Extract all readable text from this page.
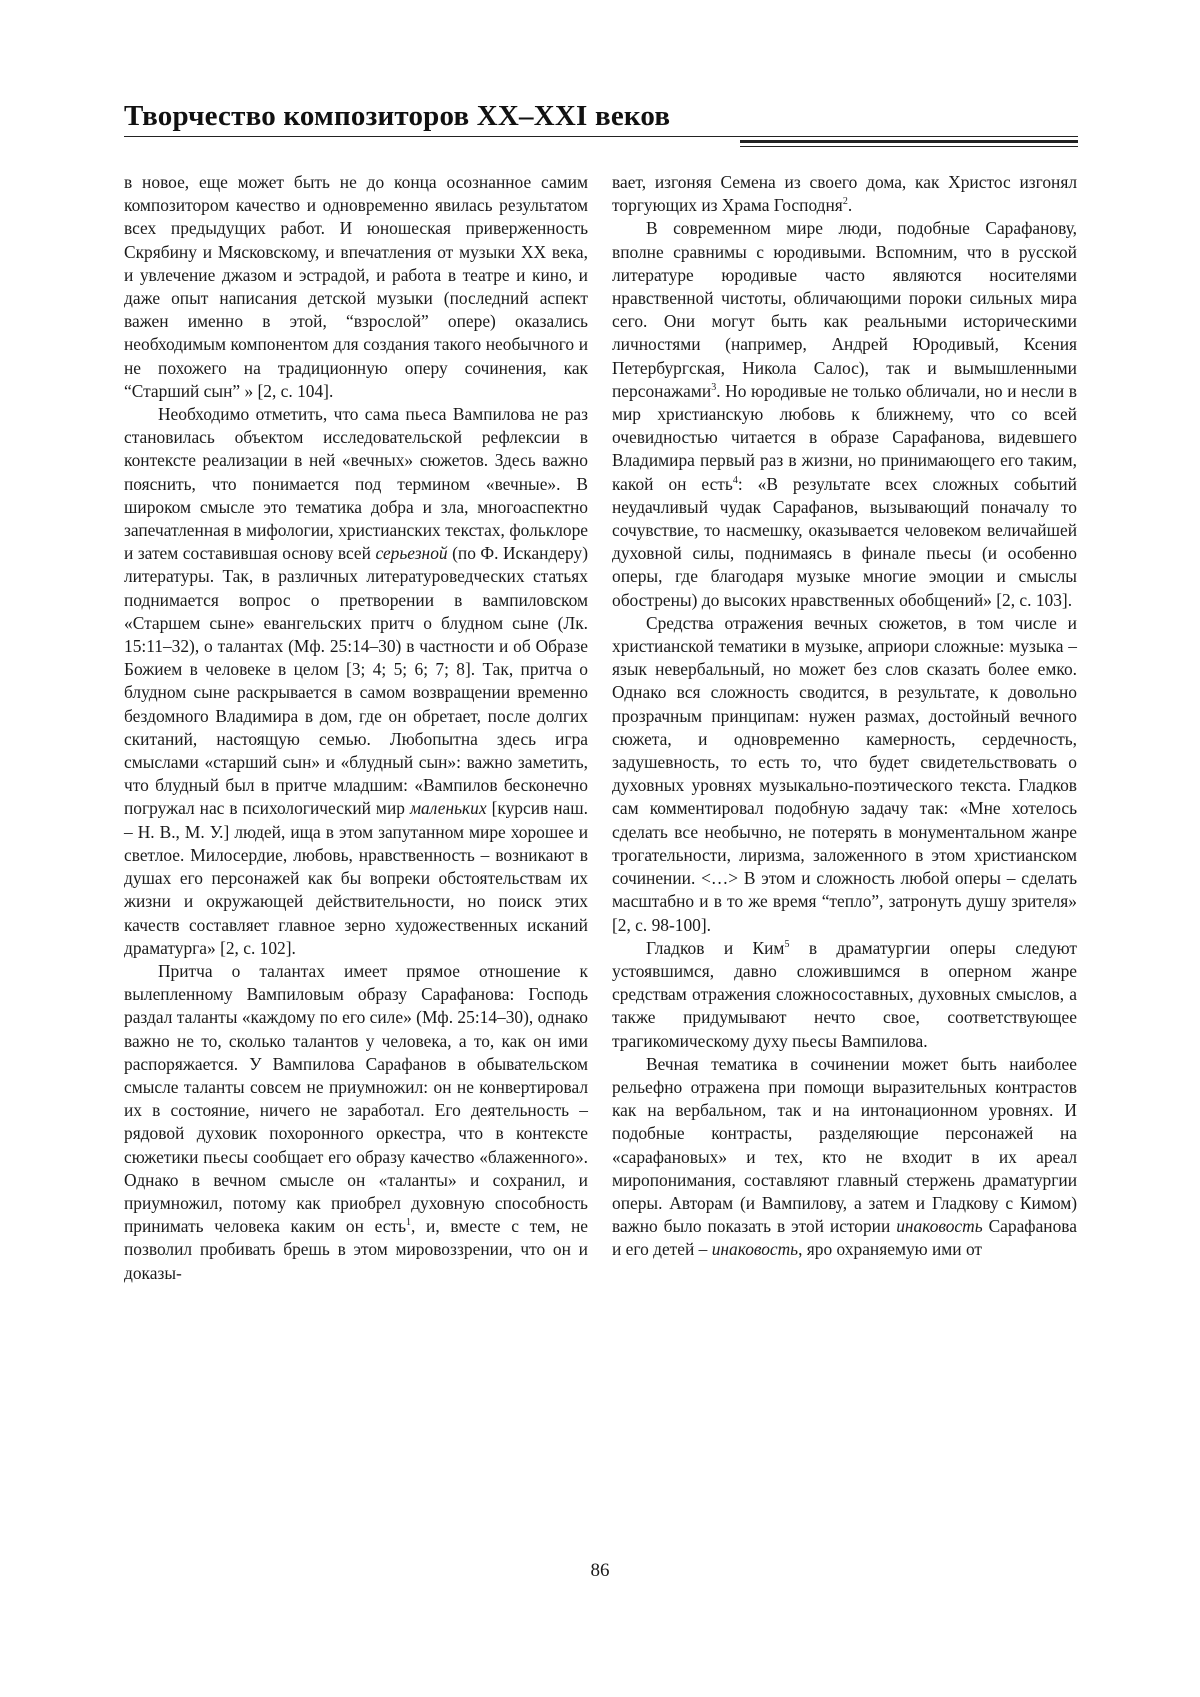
Творчество композиторов XX–XXI веков

в новое, еще может быть не до конца осознанное самим композитором качество и одновременно явилась результатом всех предыдущих работ. И юношеская приверженность Скрябину и Мясковскому, и впечатления от музыки XX века, и увлечение джазом и эстрадой, и работа в театре и кино, и даже опыт написания детской музыки (последний аспект важен именно в этой, “взрослой” опере) оказались необходимым компонентом для создания такого необычного и не похожего на традиционную оперу сочинения, как “Старший сын” » [2, с. 104].

Необходимо отметить, что сама пьеса Вампилова не раз становилась объектом исследовательской рефлексии в контексте реализации в ней «вечных» сюжетов. Здесь важно пояснить, что понимается под термином «вечные». В широком смысле это тематика добра и зла, многоаспектно запечатленная в мифологии, христианских текстах, фольклоре и затем составившая основу всей серьезной (по Ф. Искандеру) литературы. Так, в различных литературоведческих статьях поднимается вопрос о претворении в вампиловском «Старшем сыне» евангельских притч о блудном сыне (Лк. 15:11–32), о талантах (Мф. 25:14–30) в частности и об Образе Божием в человеке в целом [3; 4; 5; 6; 7; 8]. Так, притча о блудном сыне раскрывается в самом возвращении временно бездомного Владимира в дом, где он обретает, после долгих скитаний, настоящую семью. Любопытна здесь игра смыслами «старший сын» и «блудный сын»: важно заметить, что блудный был в притче младшим: «Вампилов бесконечно погружал нас в психологический мир маленьких [курсив наш. – Н. В., М. У.] людей, ища в этом запутанном мире хорошее и светлое. Милосердие, любовь, нравственность – возникают в душах его персонажей как бы вопреки обстоятельствам их жизни и окружающей действительности, но поиск этих качеств составляет главное зерно художественных исканий драматурга» [2, с. 102].

Притча о талантах имеет прямое отношение к вылепленному Вампиловым образу Сарафанова: Господь раздал таланты «каждому по его силе» (Мф. 25:14–30), однако важно не то, сколько талантов у человека, а то, как он ими распоряжается. У Вампилова Сарафанов в обывательском смысле таланты совсем не приумножил: он не конвертировал их в состояние, ничего не заработал. Его деятельность – рядовой духовик похоронного оркестра, что в контексте сюжетики пьесы сообщает его образу качество «блаженного». Однако в вечном смысле он «таланты» и сохранил, и приумножил, потому как приобрел духовную способность принимать человека каким он есть$^1$, и, вместе с тем, не позволил пробивать брешь в этом мировоззрении, что он и доказы-

вает, изгоняя Семена из своего дома, как Христос изгонял торгующих из Храма Господня$^2$.

В современном мире люди, подобные Сарафанову, вполне сравнимы с юродивыми. Вспомним, что в русской литературе юродивые часто являются носителями нравственной чистоты, обличающими пороки сильных мира сего. Они могут быть как реальными историческими личностями (например, Андрей Юродивый, Ксения Петербургская, Никола Салос), так и вымышленными персонажами$^3$. Но юродивые не только обличали, но и несли в мир христианскую любовь к ближнему, что со всей очевидностью читается в образе Сарафанова, видевшего Владимира первый раз в жизни, но принимающего его таким, какой он есть$^4$: «В результате всех сложных событий неудачливый чудак Сарафанов, вызывающий поначалу то сочувствие, то насмешку, оказывается человеком величайшей духовной силы, поднимаясь в финале пьесы (и особенно оперы, где благодаря музыке многие эмоции и смыслы обострены) до высоких нравственных обобщений» [2, с. 103].

Средства отражения вечных сюжетов, в том числе и христианской тематики в музыке, априори сложные: музыка – язык невербальный, но может без слов сказать более емко. Однако вся сложность сводится, в результате, к довольно прозрачным принципам: нужен размах, достойный вечного сюжета, и одновременно камерность, сердечность, задушевность, то есть то, что будет свидетельствовать о духовных уровнях музыкально-поэтического текста. Гладков сам комментировал подобную задачу так: «Мне хотелось сделать все необычно, не потерять в монументальном жанре трогательности, лиризма, заложенного в этом христианском сочинении. <…> В этом и сложность любой оперы – сделать масштабно и в то же время “тепло”, затронуть душу зрителя» [2, с. 98-100].

Гладков и Ким$^5$ в драматургии оперы следуют устоявшимся, давно сложившимся в оперном жанре средствам отражения сложносоставных, духовных смыслов, а также придумывают нечто свое, соответствующее трагикомическому духу пьесы Вампилова.

Вечная тематика в сочинении может быть наиболее рельефно отражена при помощи выразительных контрастов как на вербальном, так и на интонационном уровнях. И подобные контрасты, разделяющие персонажей на «сарафановых» и тех, кто не входит в их ареал миропонимания, составляют главный стержень драматургии оперы. Авторам (и Вампилову, а затем и Гладкову с Кимом) важно было показать в этой истории инаковость Сарафанова и его детей – инаковость, яро охраняемую ими от

86
